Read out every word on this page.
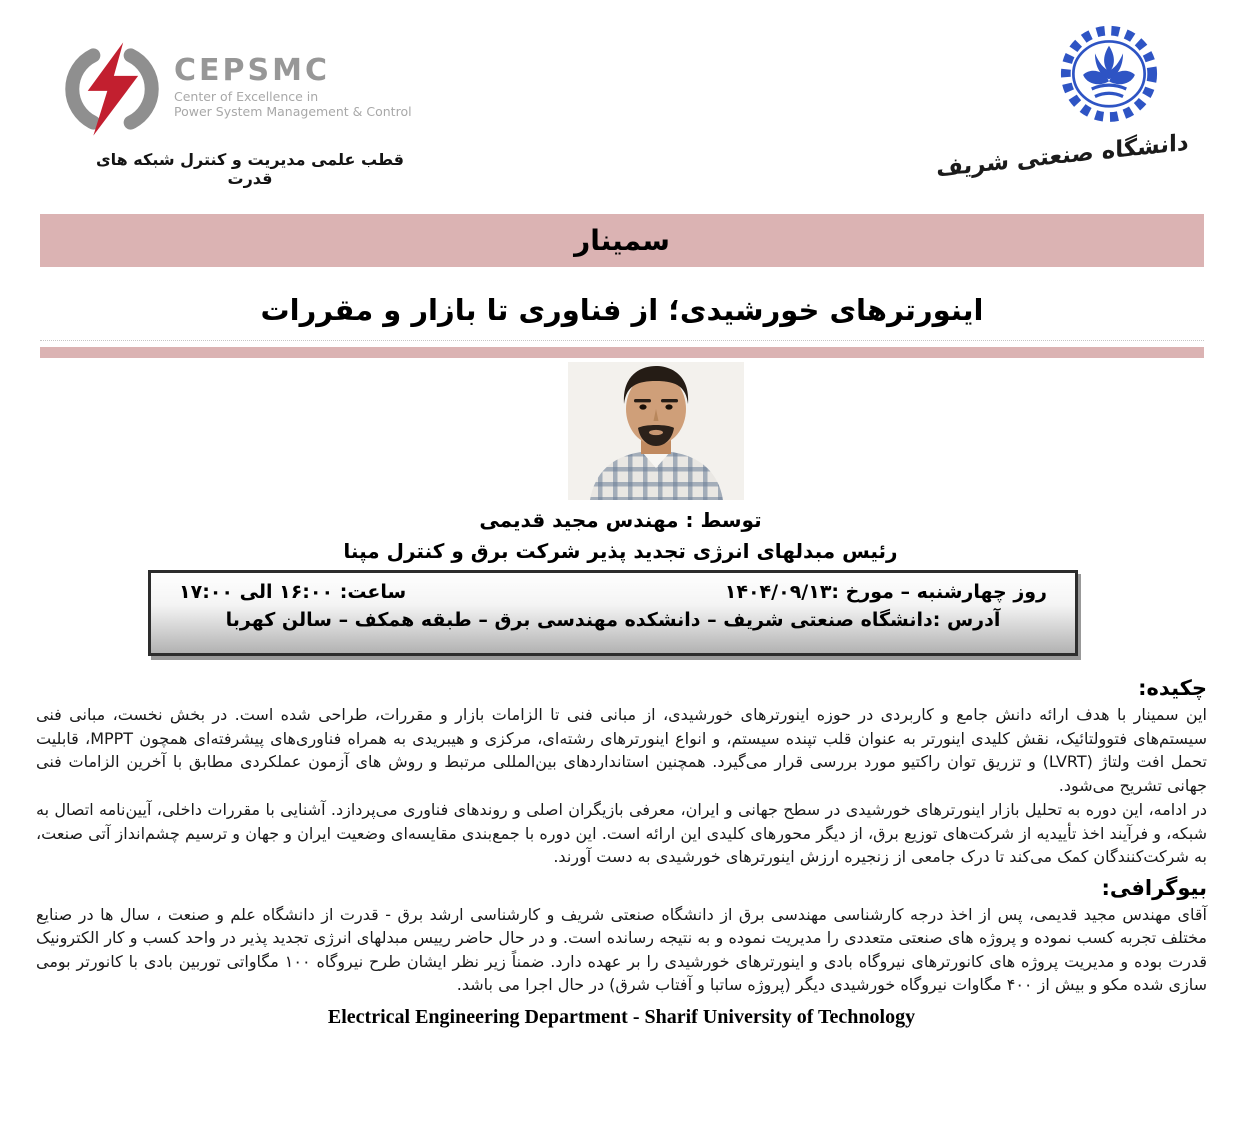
CEPSMC
Center of Excellence in
Power System Management & Control
قطب علمی مدیریت و کنترل شبکه های قدرت	دانشگاه صنعتی شریف
سمینار
اینورترهای خورشیدی؛ از فناوری تا بازار و مقررات
توسط : مهندس مجید قدیمی
رئیس مبدلهای انرژی تجدید پذیر شرکت برق و کنترل مپنا
روز چهارشنبه – مورخ :۱۴۰۴/۰۹/۱۳
ساعت: ۱۶:۰۰ الی ۱۷:۰۰
آدرس :دانشگاه صنعتی شریف – دانشکده مهندسی برق – طبقه همکف – سالن کهربا
چکیده:

این سمینار با هدف ارائه دانش جامع و کاربردی در حوزه اینورترهای خورشیدی، از مبانی فنی تا الزامات بازار و مقررات، طراحی شده است. در بخش نخست، مبانی فنی سیستم‌های فتوولتائیک، نقش کلیدی اینورتر به عنوان قلب تپنده سیستم، و انواع اینورترهای رشته‌ای، مرکزی و هیبریدی به همراه فناوری‌های پیشرفته‌ای همچون MPPT، قابلیت تحمل افت ولتاژ (LVRT) و تزریق توان راکتیو مورد بررسی قرار می‌گیرد. همچنین استانداردهای بین‌المللی مرتبط و روش های آزمون عملکردی مطابق با آخرین الزامات فنی جهانی تشریح می‌شود.

در ادامه، این دوره به تحلیل بازار اینورترهای خورشیدی در سطح جهانی و ایران، معرفی بازیگران اصلی و روندهای فناوری می‌پردازد. آشنایی با مقررات داخلی، آیین‌نامه اتصال به شبکه، و فرآیند اخذ تأییدیه از شرکت‌های توزیع برق، از دیگر محورهای کلیدی این ارائه است. این دوره با جمع‌بندی مقایسه‌ای وضعیت ایران و جهان و ترسیم چشم‌انداز آتی صنعت، به شرکت‌کنندگان کمک می‌کند تا درک جامعی از زنجیره ارزش اینورترهای خورشیدی به دست آورند.

بیوگرافی:

آقای مهندس مجید قدیمی، پس از اخذ درجه کارشناسی مهندسی برق از دانشگاه صنعتی شریف و کارشناسی ارشد برق - قدرت از دانشگاه علم و صنعت ، سال ها در صنایع مختلف تجربه کسب نموده و پروژه های صنعتی متعددی را مدیریت نموده و به نتیجه رسانده است. و در حال حاضر رییس مبدلهای انرژی تجدید پذیر در واحد کسب و کار الکترونیک قدرت بوده و مدیریت پروژه های کانورترهای نیروگاه بادی و اینورترهای خورشیدی را بر عهده دارد. ضمناً زیر نظر ایشان طرح نیروگاه ۱۰۰ مگاواتی توربین بادی با کانورتر بومی سازی شده مکو و بیش از ۴۰۰ مگاوات نیروگاه خورشیدی دیگر (پروژه ساتبا و آفتاب شرق) در حال اجرا می باشد.

Electrical Engineering Department - Sharif University of Technology
